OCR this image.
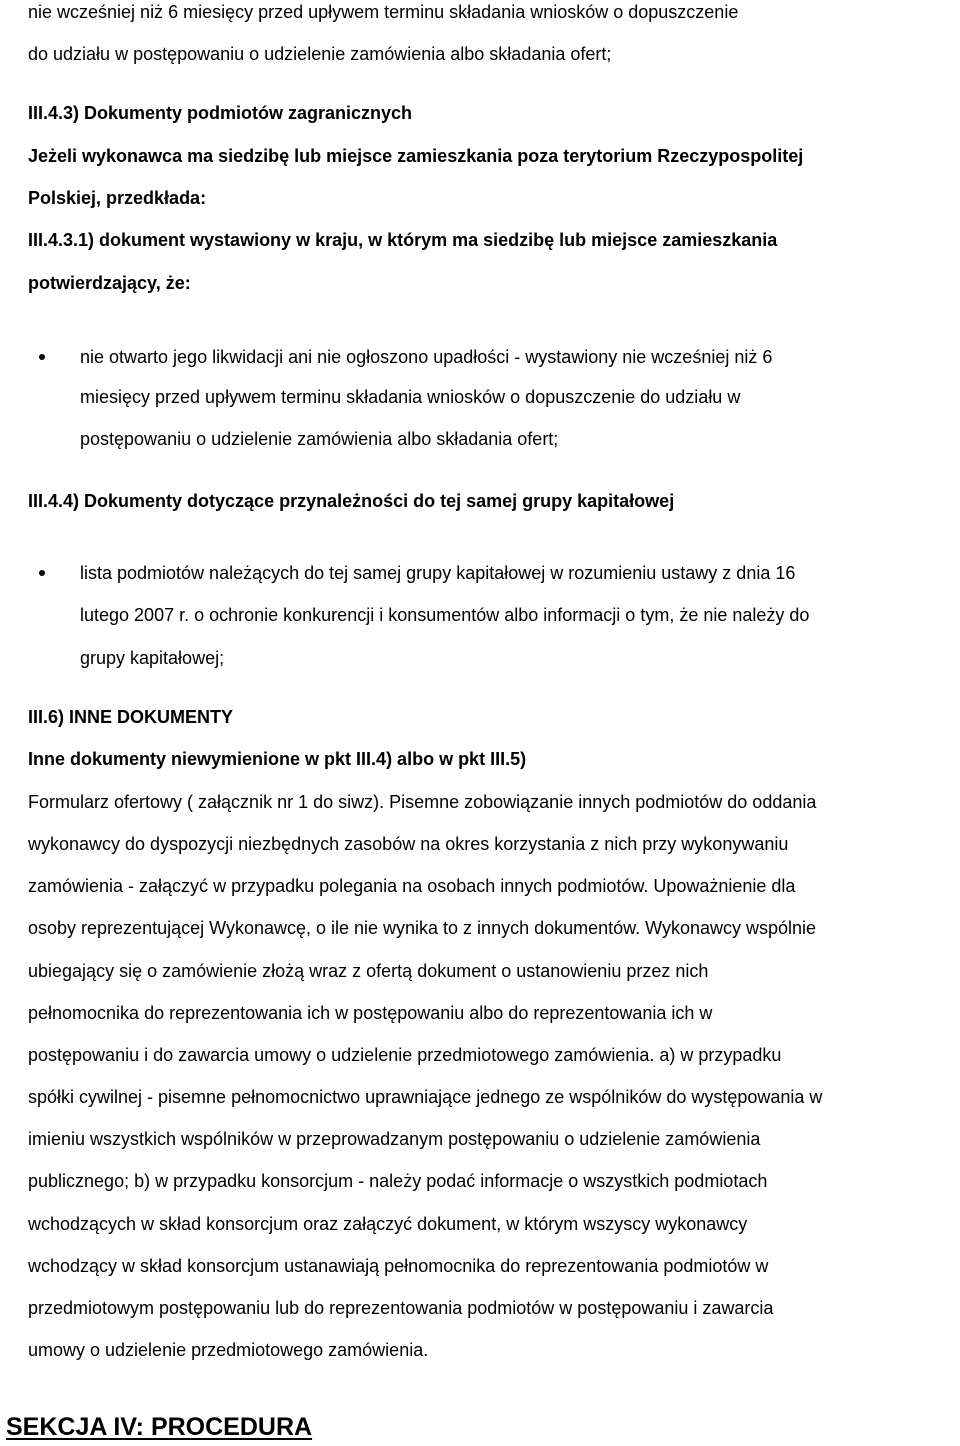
nie wcześniej niż 6 miesięcy przed upływem terminu składania wniosków o dopuszczenie
do udziału w postępowaniu o udzielenie zamówienia albo składania ofert;
III.4.3) Dokumenty podmiotów zagranicznych
Jeżeli wykonawca ma siedzibę lub miejsce zamieszkania poza terytorium Rzeczypospolitej
Polskiej, przedkłada:
III.4.3.1) dokument wystawiony w kraju, w którym ma siedzibę lub miejsce zamieszkania
potwierdzający, że:
nie otwarto jego likwidacji ani nie ogłoszono upadłości - wystawiony nie wcześniej niż 6
miesięcy przed upływem terminu składania wniosków o dopuszczenie do udziału w
postępowaniu o udzielenie zamówienia albo składania ofert;
III.4.4) Dokumenty dotyczące przynależności do tej samej grupy kapitałowej
lista podmiotów należących do tej samej grupy kapitałowej w rozumieniu ustawy z dnia 16
lutego 2007 r. o ochronie konkurencji i konsumentów albo informacji o tym, że nie należy do
grupy kapitałowej;
III.6) INNE DOKUMENTY
Inne dokumenty niewymienione w pkt III.4) albo w pkt III.5)
Formularz ofertowy ( załącznik nr 1 do siwz). Pisemne zobowiązanie innych podmiotów do oddania
wykonawcy do dyspozycji niezbędnych zasobów na okres korzystania z nich przy wykonywaniu
zamówienia - załączyć w przypadku polegania na osobach innych podmiotów. Upoważnienie dla
osoby reprezentującej Wykonawcę, o ile nie wynika to z innych dokumentów. Wykonawcy wspólnie
ubiegający się o zamówienie złożą wraz z ofertą dokument o ustanowieniu przez nich
pełnomocnika do reprezentowania ich w postępowaniu albo do reprezentowania ich w
postępowaniu i do zawarcia umowy o udzielenie przedmiotowego zamówienia. a) w przypadku
spółki cywilnej - pisemne pełnomocnictwo uprawniające jednego ze wspólników do występowania w
imieniu wszystkich wspólników w przeprowadzanym postępowaniu o udzielenie zamówienia
publicznego; b) w przypadku konsorcjum - należy podać informacje o wszystkich podmiotach
wchodzących w skład konsorcjum oraz załączyć dokument, w którym wszyscy wykonawcy
wchodzący w skład konsorcjum ustanawiają pełnomocnika do reprezentowania podmiotów w
przedmiotowym postępowaniu lub do reprezentowania podmiotów w postępowaniu i zawarcia
umowy o udzielenie przedmiotowego zamówienia.
SEKCJA IV: PROCEDURA
